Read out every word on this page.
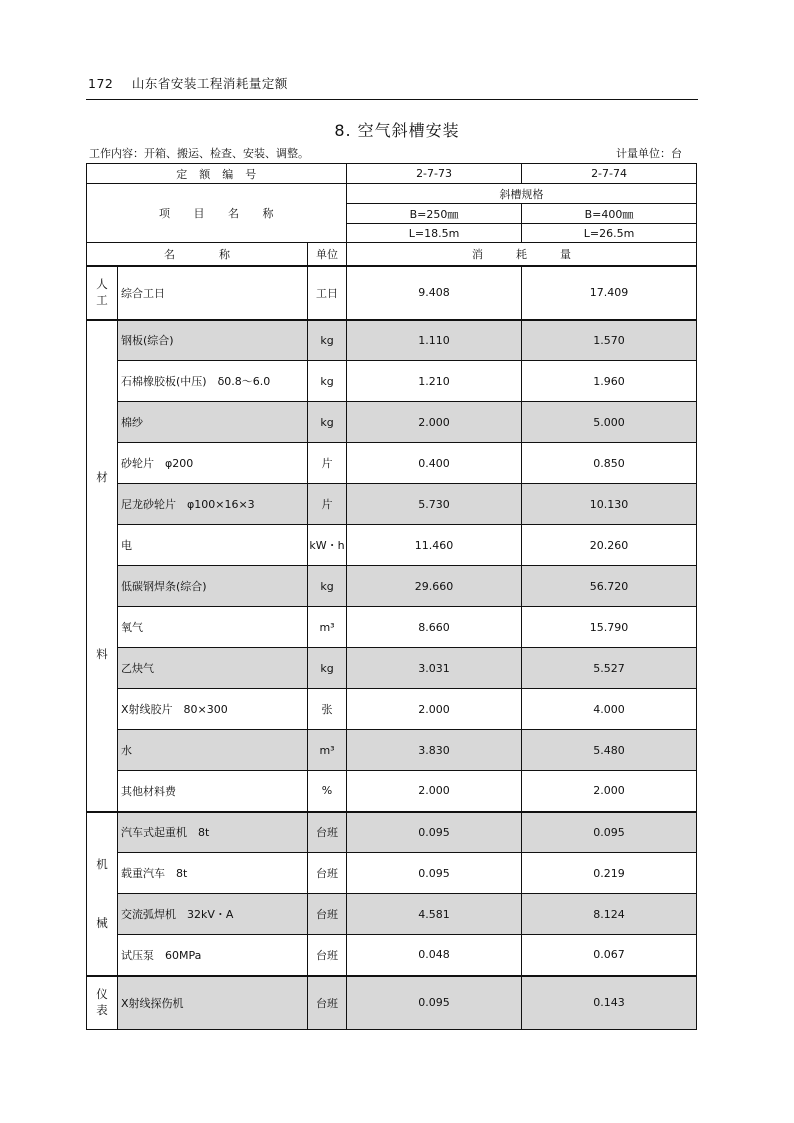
172 山东省安装工程消耗量定额
8. 空气斜槽安装
工作内容：开箱、搬运、检查、安装、调整。	计量单位：台
定　额　编　号			2-7-73	2-7-74
项　　目　　名　　称			斜槽规格	
			B=250㎜	B=400㎜
			L=18.5m	L=26.5m
名　　　　称		单位	消　　　耗　　　量	

人工	综合工日	工日	9.408	17.409

材
料	钢板(综合)	kg	1.110	1.570
	石棉橡胶板(中压)　δ0.8～6.0	kg	1.210	1.960
	棉纱	kg	2.000	5.000
	砂轮片　φ200	片	0.400	0.850
	尼龙砂轮片　φ100×16×3	片	5.730	10.130
	电	kW・h	11.460	20.260
	低碳钢焊条(综合)	kg	29.660	56.720
	氧气	m³	8.660	15.790
	乙炔气	kg	3.031	5.527
	X射线胶片　80×300	张	2.000	4.000
	水	m³	3.830	5.480
	其他材料费	%	2.000	2.000

机
械	汽车式起重机　8t	台班	0.095	0.095
	载重汽车　8t	台班	0.095	0.219
	交流弧焊机　32kV・A	台班	4.581	8.124
	试压泵　60MPa	台班	0.048	0.067

仪表	X射线探伤机	台班	0.095	0.143
